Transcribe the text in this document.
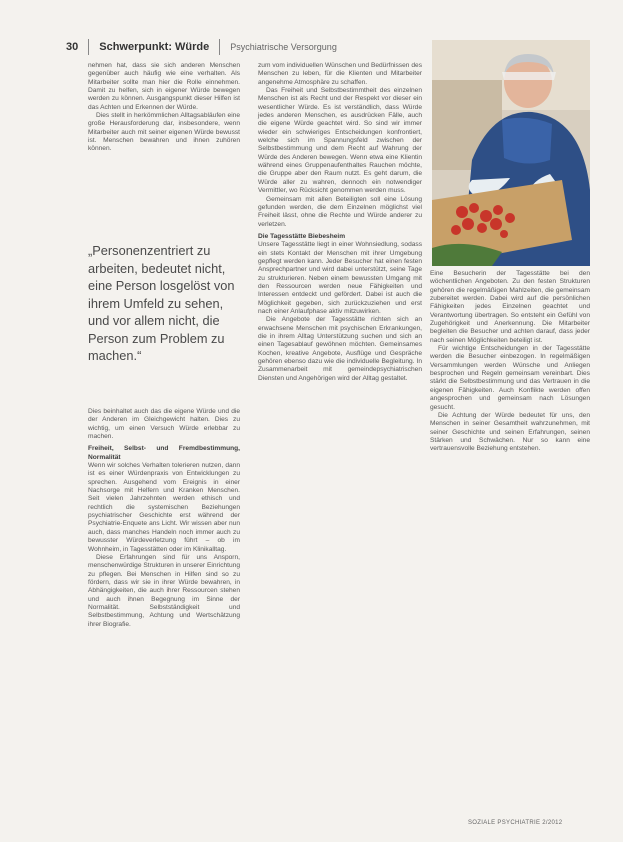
30 Schwerpunkt: Würde Psychiatrische Versorgung

nehmen hat, dass sie sich anderen Menschen gegenüber auch häufig wie eine verhalten. Als Mitarbeiter sollte man hier die Rolle einnehmen. Damit zu helfen, sich in eigener Würde bewegen werden zu können. Ausgangspunkt dieser Hilfen ist das Achten und Erkennen der Würde.

Dies stellt in herkömmlichen Alltagsabläufen eine große Herausforderung dar, insbesondere, wenn Mitarbeiter auch mit seiner eigenen Würde bewusst ist. Menschen bewahren und ihnen zuhören können.

„Personenzentriert zu arbeiten, bedeutet nicht, eine Person losgelöst von ihrem Umfeld zu sehen, und vor allem nicht, die Person zum Problem zu machen.“

Dies beinhaltet auch das die eigene Würde und die der Anderen im Gleichgewicht halten. Dies zu wichtig, um einen Versuch Würde erlebbar zu machen.

Freiheit, Selbst- und Fremdbestimmung, Normalität

Wenn wir solches Verhalten tolerieren nutzen, dann ist es einer Würdenpraxis von Entwicklungen zu sprechen. Ausgehend vom Ereignis in einer Nachsorge mit Helfern und Kranken Menschen. Seit vielen Jahrzehnten werden ethisch und rechtlich die systemischen Beziehungen psychiatrischer Geschichte erst während der Psychiatrie-Enquete ans Licht. Wir wissen aber nun auch, dass manches Handeln noch immer auch zu bewusster Würdeverletzung führt – ob im Wohnheim, in Tagesstätten oder im Klinikalltag.

Diese Erfahrungen sind für uns Ansporn, menschenwürdige Strukturen in unserer Einrichtung zu pflegen. Bei Menschen in Hilfen sind so zu fördern, dass wir sie in ihrer Würde bewahren, in Abhängigkeiten, die auch ihrer Ressourcen stehen und auch ihnen Begegnung im Sinne der Normalität. Selbstständigkeit und Selbstbestimmung, Achtung und Wertschätzung ihrer Biografie.

zum vom individuellen Wünschen und Bedürfnissen des Menschen zu leben, für die Klienten und Mitarbeiter angenehme Atmosphäre zu schaffen.

Das Freiheit und Selbstbestimmtheit des einzelnen Menschen ist als Recht und der Respekt vor dieser ein wesentlicher Würde. Es ist verständlich, dass Würde jedes anderen Menschen, es ausdrücken Fälle, auch die eigene Würde geachtet wird. So sind wir immer wieder ein schwieriges Entscheidungen konfrontiert, welche sich im Spannungsfeld zwischen der Selbstbestimmung und dem Recht auf Wahrung der Würde des Anderen bewegen. Wenn etwa eine Klientin während eines Gruppenaufenthaltes Rauchen möchte, die Gruppe aber den Raum nutzt. Es geht darum, die Würde aller zu wahren, dennoch ein notwendiger Vermittler, wo Rücksicht genommen werden muss.

Gemeinsam mit allen Beteiligten soll eine Lösung gefunden werden, die dem Einzelnen möglichst viel Freiheit lässt, ohne die Rechte und Würde anderer zu verletzen.

Die Tagesstätte Biebesheim

Unsere Tagesstätte liegt in einer Wohnsiedlung, sodass ein stets Kontakt der Menschen mit ihrer Umgebung gepflegt werden kann. Jeder Besucher hat einen festen Ansprechpartner und wird dabei unterstützt, seine Tage zu strukturieren. Neben einem bewussten Umgang mit den Ressourcen werden neue Fähigkeiten und Interessen entdeckt und gefördert. Dabei ist auch die Möglichkeit gegeben, sich zurückzuziehen und erst nach einer Anlaufphase aktiv mitzuwirken.

Die Angebote der Tagesstätte richten sich an erwachsene Menschen mit psychischen Erkrankungen, die in ihrem Alltag Unterstützung suchen und sich an einen Tagesablauf gewöhnen möchten. Gemeinsames Kochen, kreative Angebote, Ausflüge und Gespräche gehören ebenso dazu wie die individuelle Begleitung. In Zusammenarbeit mit gemeindepsychiatrischen Diensten und Angehörigen wird der Alltag gestaltet.

Eine Besucherin der Tagesstätte bei den wöchentlichen Angeboten. Zu den festen Strukturen gehören die regelmäßigen Mahlzeiten, die gemeinsam zubereitet werden. Dabei wird auf die persönlichen Fähigkeiten jedes Einzelnen geachtet und Verantwortung übertragen. So entsteht ein Gefühl von Zugehörigkeit und Anerkennung. Die Mitarbeiter begleiten die Besucher und achten darauf, dass jeder nach seinen Möglichkeiten beteiligt ist.

Für wichtige Entscheidungen in der Tagesstätte werden die Besucher einbezogen. In regelmäßigen Versammlungen werden Wünsche und Anliegen besprochen und Regeln gemeinsam vereinbart. Dies stärkt die Selbstbestimmung und das Vertrauen in die eigenen Fähigkeiten. Auch Konflikte werden offen angesprochen und gemeinsam nach Lösungen gesucht.

Die Achtung der Würde bedeutet für uns, den Menschen in seiner Gesamtheit wahrzunehmen, mit seiner Geschichte und seinen Erfahrungen, seinen Stärken und Schwächen. Nur so kann eine vertrauensvolle Beziehung entstehen.

SOZIALE PSYCHIATRIE 2/2012
